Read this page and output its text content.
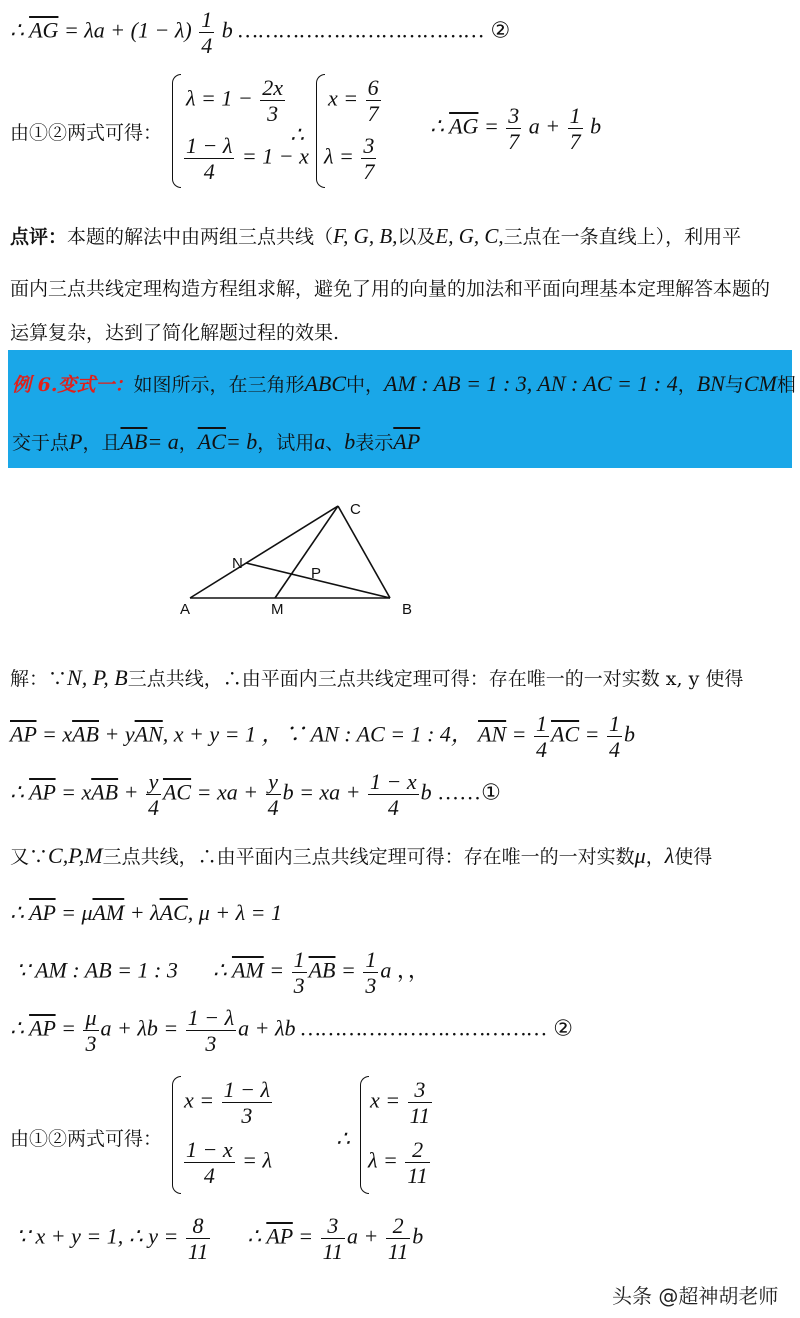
∴ $\overline{AG} = \lambda a + (1 - \lambda) \frac{1}{4}$ b ……………………………… ②
由①②两式可得：
$\lambda = 1 - \frac{2x}{3}$
$\frac{1 - \lambda}{4} = 1 - x$
∴
$x = \frac{6}{7}$
$\lambda = \frac{3}{7}$
∴ $\overline{AG} = \frac{3}{7}$ $a + \frac{1}{7}$ b
点评：本题的解法中由两组三点共线（F, G, B,以及E, G, C,三点在一条直线上），利用平
面内三点共线定理构造方程组求解，避免了用的向量的加法和平面向理基本定理解答本题的
运算复杂，达到了简化解题过程的效果.
例 6.变式一：如图所示，在三角形ABC中，AM : AB = 1 : 3, AN : AC = 1 : 4，BN与CM相
交于点P，且$\overline{AB}= a$，$\overline{AC}= b$，试用a、b表示$\overline{AP}$
A	B
C
M
N
P
解：∵N, P, B三点共线，∴由平面内三点共线定理可得：存在唯一的一对实数 x, y 使得
$\overline{AP} = x\overline{AB} + y\overline{AN}$, x + y = 1 ，∵ AN : AC = 1 : 4， $\overline{AN} = \frac{1}{4} \overline{AC} = \frac{1}{4}$ b
∴ $\overline{AP} = x\overline{AB} + \frac{y}{4} \overline{AC}$ = xa + $\frac{y}{4}$ b = xa + $\frac{1 - x}{4}$ b ……①
又∵C,P,M三点共线，∴由平面内三点共线定理可得：存在唯一的一对实数μ，λ使得
∴ $\overline{AP} = \mu\overline{AM} + \lambda\overline{AC}$, μ + λ = 1
∵ AM : AB = 1 : 3 ∴ $\overline{AM} = \frac{1}{3} \overline{AB} = \frac{1}{3}$ a ，，
∴ $\overline{AP} = \frac{\mu}{3}$ $a + \lambda b = \frac{1 - \lambda}{3}$ a + λb ……………………………… ②
由①②两式可得：
$x = \frac{1 - \lambda}{3}$
$\frac{1 - x}{4} = \lambda$
∴
$x = \frac{3}{11}$
$\lambda = \frac{2}{11}$
∵ x + y = 1, ∴ $y = \frac{8}{11}$ ∴ $\overline{AP} = \frac{3}{11}$ $a + \frac{2}{11}$ b
头条 @超神胡老师
